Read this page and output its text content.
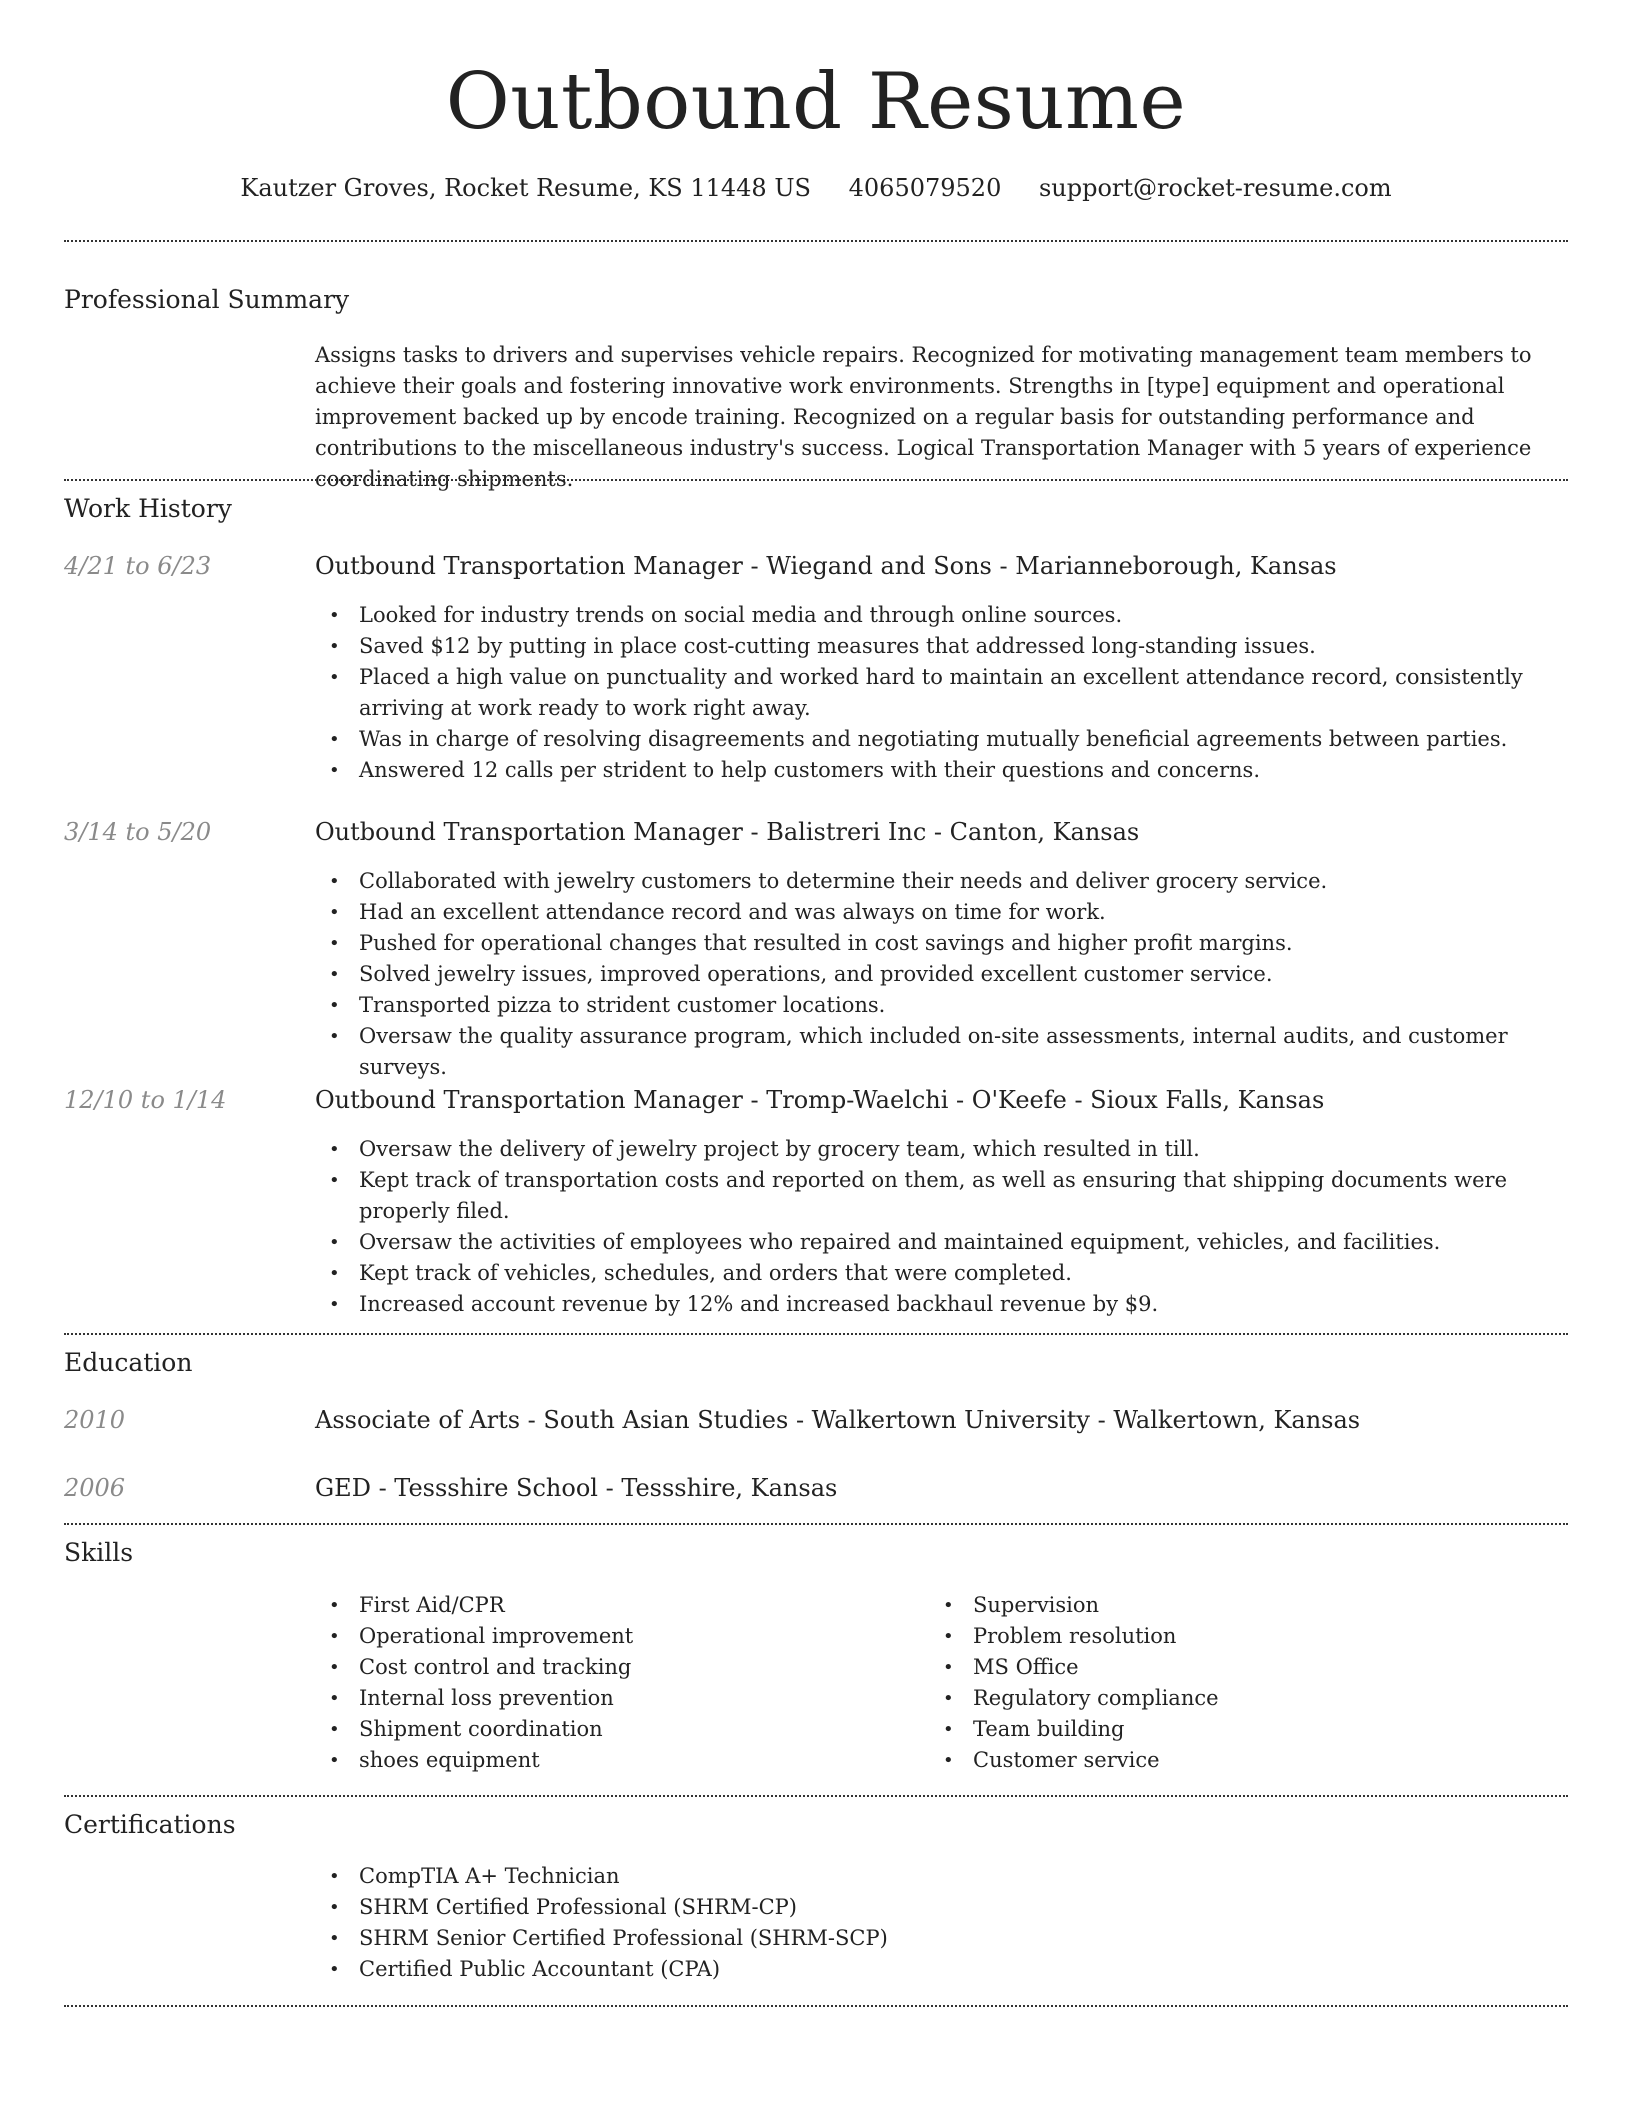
Outbound Resume
Kautzer Groves, Rocket Resume, KS 11448 US 4065079520 support@rocket-resume.com
Professional Summary

Assigns tasks to drivers and supervises vehicle repairs. Recognized for motivating management team members to achieve their goals and fostering innovative work environments. Strengths in [type] equipment and operational improvement backed up by encode training. Recognized on a regular basis for outstanding performance and contributions to the miscellaneous industry's success. Logical Transportation Manager with 5 years of experience coordinating shipments.

Work History
4/21 to 6/23	Outbound Transportation Manager - Wiegand and Sons - Marianneborough, Kansas
• Looked for industry trends on social media and through online sources.
• Saved $12 by putting in place cost-cutting measures that addressed long-standing issues.
• Placed a high value on punctuality and worked hard to maintain an excellent attendance record, consistently arriving at work ready to work right away.
• Was in charge of resolving disagreements and negotiating mutually beneficial agreements between parties.
• Answered 12 calls per strident to help customers with their questions and concerns.
3/14 to 5/20	Outbound Transportation Manager - Balistreri Inc - Canton, Kansas
• Collaborated with jewelry customers to determine their needs and deliver grocery service.
• Had an excellent attendance record and was always on time for work.
• Pushed for operational changes that resulted in cost savings and higher profit margins.
• Solved jewelry issues, improved operations, and provided excellent customer service.
• Transported pizza to strident customer locations.
• Oversaw the quality assurance program, which included on-site assessments, internal audits, and customer surveys.
12/10 to 1/14	Outbound Transportation Manager - Tromp-Waelchi - O'Keefe - Sioux Falls, Kansas
• Oversaw the delivery of jewelry project by grocery team, which resulted in till.
• Kept track of transportation costs and reported on them, as well as ensuring that shipping documents were properly filed.
• Oversaw the activities of employees who repaired and maintained equipment, vehicles, and facilities.
• Kept track of vehicles, schedules, and orders that were completed.
• Increased account revenue by 12% and increased backhaul revenue by $9.
Education
2010	Associate of Arts - South Asian Studies - Walkertown University - Walkertown, Kansas
2006	GED - Tessshire School - Tessshire, Kansas
Skills
• First Aid/CPR
• Operational improvement
• Cost control and tracking
• Internal loss prevention
• Shipment coordination
• shoes equipment
• Supervision
• Problem resolution
• MS Office
• Regulatory compliance
• Team building
• Customer service
Certifications
• CompTIA A+ Technician
• SHRM Certified Professional (SHRM-CP)
• SHRM Senior Certified Professional (SHRM-SCP)
• Certified Public Accountant (CPA)
